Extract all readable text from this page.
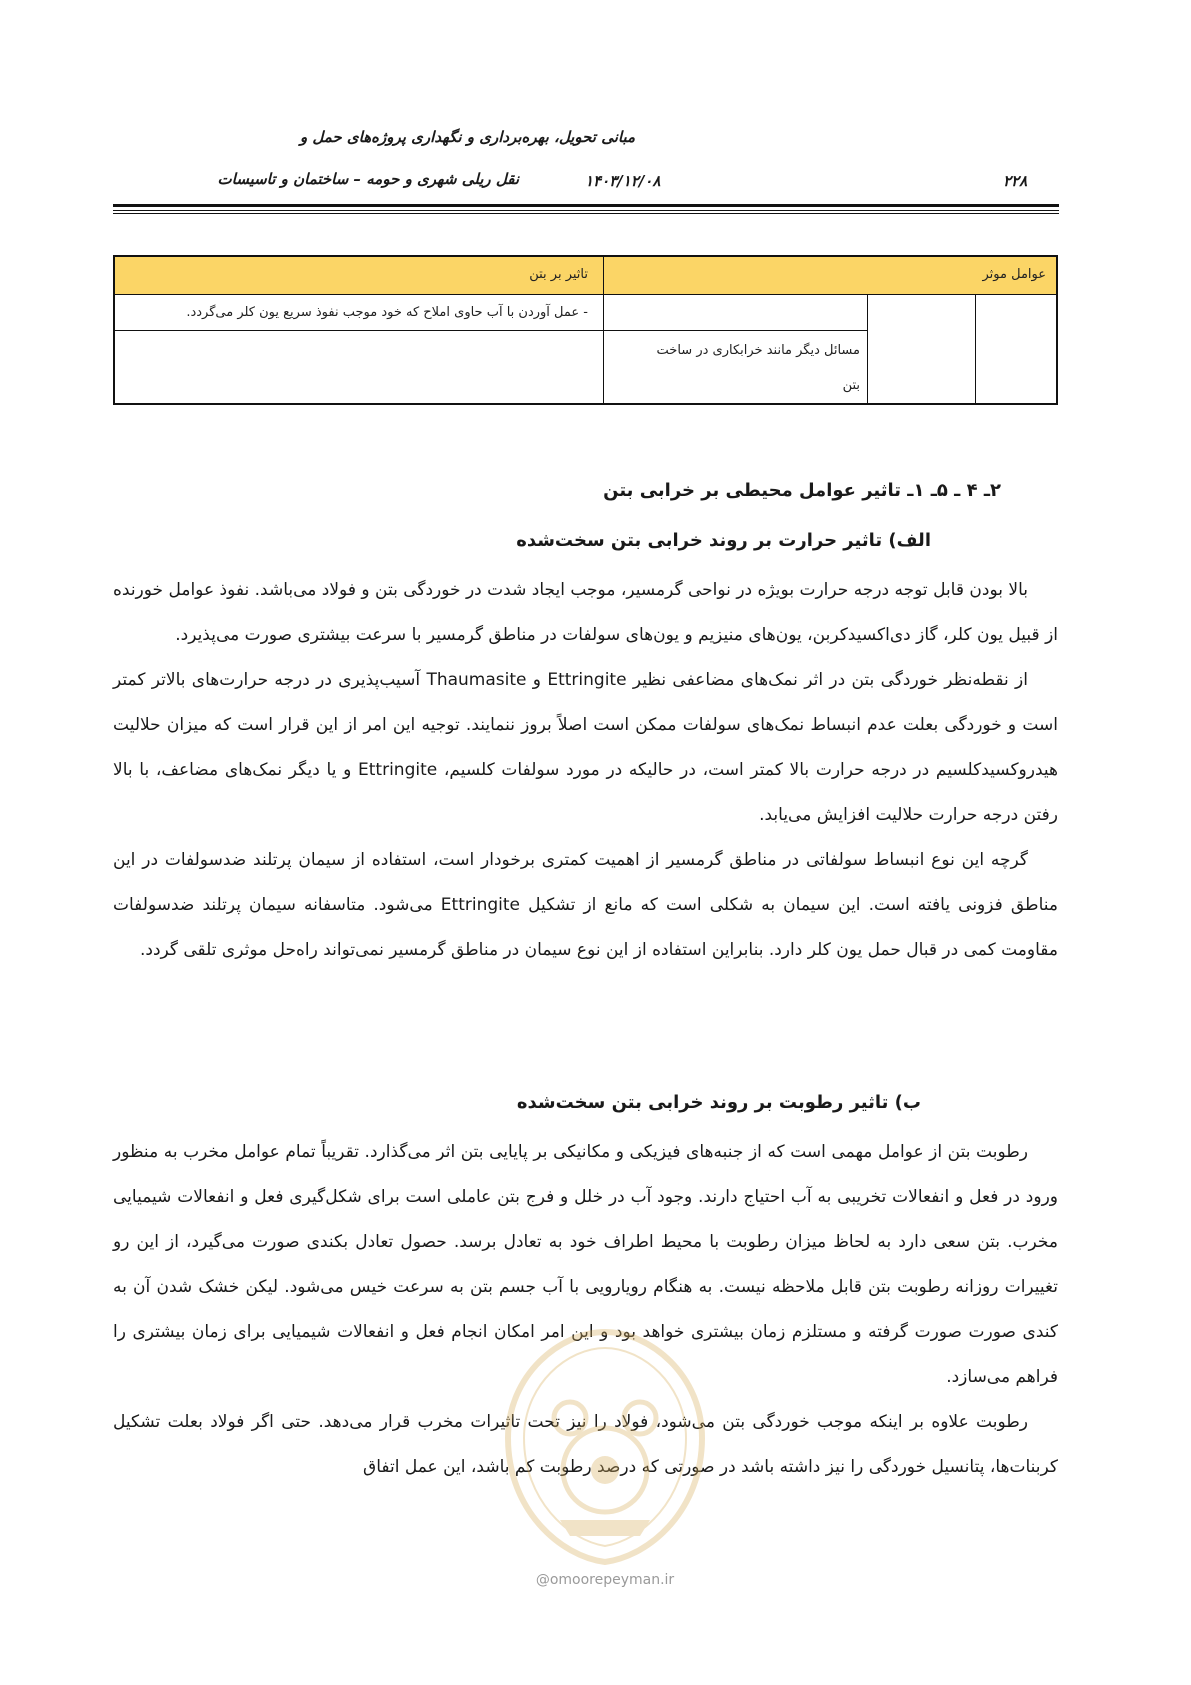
مبانی تحویل، بهره‌برداری و نگهداری پروژه‌های حمل و
نقل ریلی شهری و حومه – ساختمان و تاسیسات	۱۴۰۳/۱۲/۰۸	۲۲۸
عوامل موثر
تاثیر بر بتن
- عمل آوردن با آب حاوی املاح که خود موجب نفوذ سریع یون کلر می‌گردد.
مسائل دیگر مانند خرابکاری در ساخت
بتن
۲ـ ۴ ـ ۵ـ ۱ـ تاثیر عوامل محیطی بر خرابی بتن
الف) تاثیر حرارت بر روند خرابی بتن سخت‌شده

بالا بودن قابل توجه درجه حرارت بویژه در نواحی گرمسیر، موجب ایجاد شدت در خوردگی بتن و فولاد می‌باشد. نفوذ عوامل خورنده از قبیل یون کلر، گاز دی‌اکسیدکربن، یون‌های منیزیم و یون‌های سولفات در مناطق گرمسیر با سرعت بیشتری صورت می‌پذیرد.

از نقطه‌نظر خوردگی بتن در اثر نمک‌های مضاعفی نظیر Ettringite و Thaumasite آسیب‌پذیری در درجه حرارت‌های بالاتر کمتر است و خوردگی بعلت عدم انبساط نمک‌های سولفات ممکن است اصلاً بروز ننمایند. توجیه این امر از این قرار است که میزان حلالیت هیدروکسیدکلسیم در درجه حرارت بالا کمتر است، در حالیکه در مورد سولفات کلسیم، Ettringite و یا دیگر نمک‌های مضاعف، با بالا رفتن درجه حرارت حلالیت افزایش می‌یابد.

گرچه این نوع انبساط سولفاتی در مناطق گرمسیر از اهمیت کمتری برخودار است، استفاده از سیمان پرتلند ضدسولفات در این مناطق فزونی یافته است. این سیمان به شکلی است که مانع از تشکیل Ettringite می‌شود. متاسفانه سیمان پرتلند ضدسولفات مقاومت کمی در قبال حمل یون کلر دارد. بنابراین استفاده از این نوع سیمان در مناطق گرمسیر نمی‌تواند راه‌حل موثری تلقی گردد.

ب) تاثیر رطوبت بر روند خرابی بتن سخت‌شده

رطوبت بتن از عوامل مهمی است که از جنبه‌های فیزیکی و مکانیکی بر پایایی بتن اثر می‌گذارد. تقریباً تمام عوامل مخرب به منظور ورود در فعل و انفعالات تخریبی به آب احتیاج دارند. وجود آب در خلل و فرج بتن عاملی است برای شکل‌گیری فعل و انفعالات شیمیایی مخرب. بتن سعی دارد به لحاظ میزان رطوبت با محیط اطراف خود به تعادل برسد. حصول تعادل بکندی صورت می‌گیرد، از این رو تغییرات روزانه رطوبت بتن قابل ملاحظه نیست. به هنگام رویارویی با آب جسم بتن به سرعت خیس می‌شود. لیکن خشک شدن آن به کندی صورت صورت گرفته و مستلزم زمان بیشتری خواهد بود و این امر امکان انجام فعل و انفعالات شیمیایی برای زمان بیشتری را فراهم می‌سازد.

رطوبت علاوه بر اینکه موجب خوردگی بتن می‌شود، فولاد را نیز تحت تاثیرات مخرب قرار می‌دهد. حتی اگر فولاد بعلت تشکیل کربنات‌ها، پتانسیل خوردگی را نیز داشته باشد در صورتی که درصد رطوبت کم باشد، این عمل اتفاق

@omoorepeyman.ir
